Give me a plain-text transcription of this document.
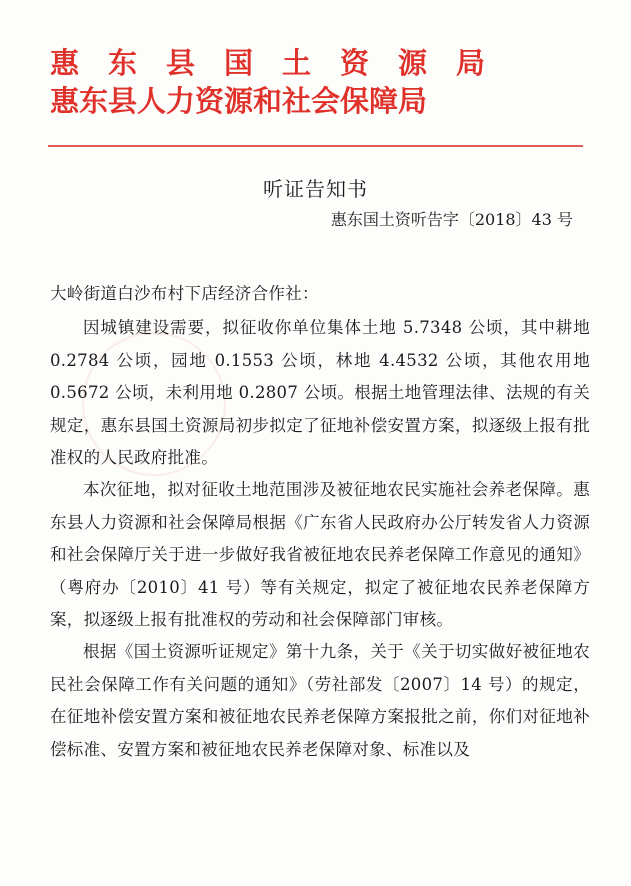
惠　东　县　国　土　资　源　局
惠东县人力资源和社会保障局
听证告知书
惠东国土资听告字〔2018〕43 号

大岭街道白沙布村下店经济合作社：

因城镇建设需要，拟征收你单位集体土地 5.7348 公顷，其中耕地 0.2784 公顷，园地 0.1553 公顷，林地 4.4532 公顷，其他农用地 0.5672 公顷，未利用地 0.2807 公顷。根据土地管理法律、法规的有关规定，惠东县国土资源局初步拟定了征地补偿安置方案，拟逐级上报有批准权的人民政府批准。

本次征地，拟对征收土地范围涉及被征地农民实施社会养老保障。惠东县人力资源和社会保障局根据《广东省人民政府办公厅转发省人力资源和社会保障厅关于进一步做好我省被征地农民养老保障工作意见的通知》（粤府办〔2010〕41 号）等有关规定，拟定了被征地农民养老保障方案，拟逐级上报有批准权的劳动和社会保障部门审核。

根据《国土资源听证规定》第十九条，关于《关于切实做好被征地农民社会保障工作有关问题的通知》（劳社部发〔2007〕14 号）的规定，在征地补偿安置方案和被征地农民养老保障方案报批之前，你们对征地补偿标准、安置方案和被征地农民养老保障对象、标准以及
